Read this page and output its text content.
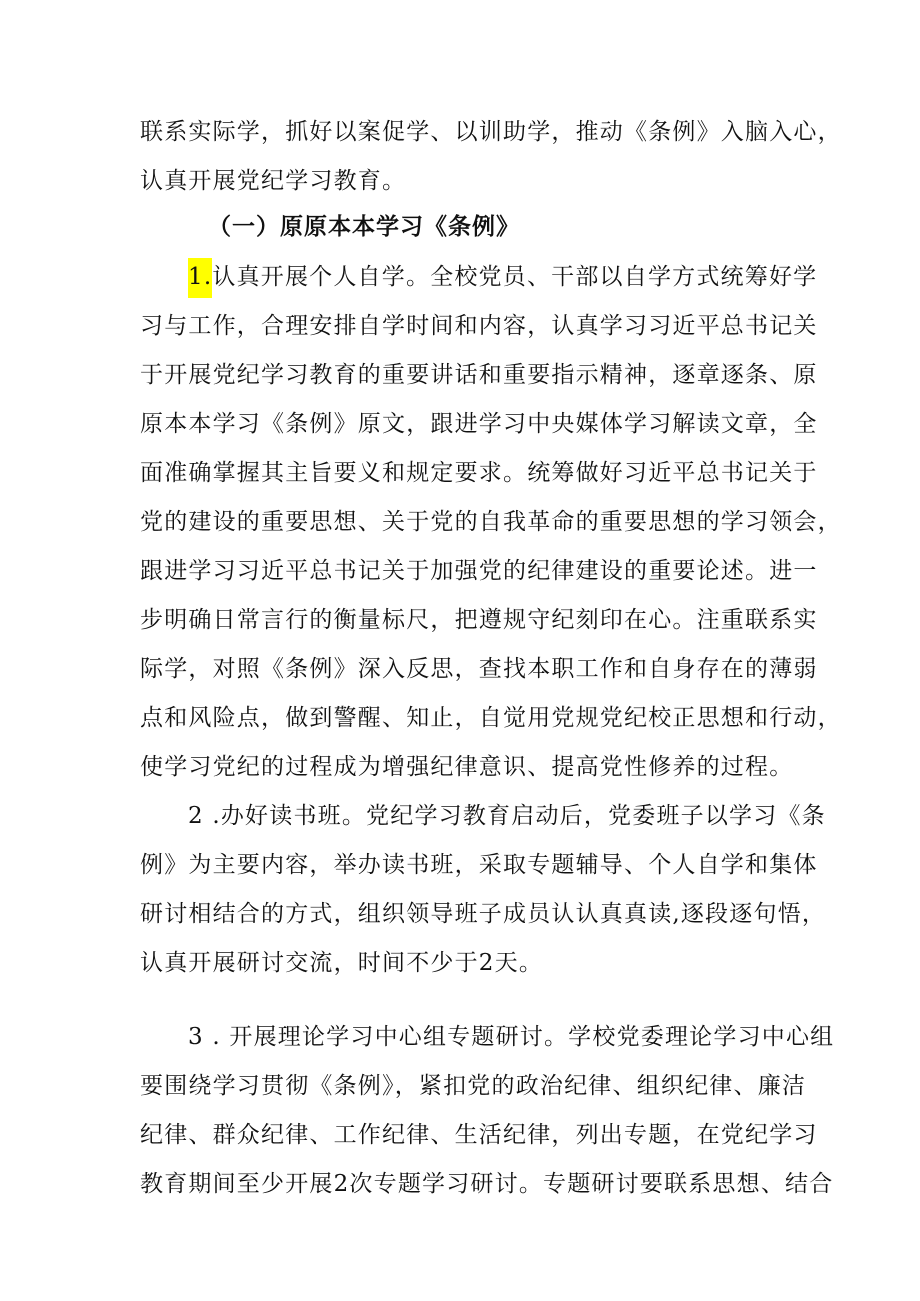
联系实际学，抓好以案促学、以训助学，推动《条例》入脑入心，
认真开展党纪学习教育。
（一）原原本本学习《条例》
1.认真开展个人自学。全校党员、干部以自学方式统筹好学
习与工作，合理安排自学时间和内容，认真学习习近平总书记关
于开展党纪学习教育的重要讲话和重要指示精神，逐章逐条、原
原本本学习《条例》原文，跟进学习中央媒体学习解读文章，全
面准确掌握其主旨要义和规定要求。统筹做好习近平总书记关于
党的建设的重要思想、关于党的自我革命的重要思想的学习领会，
跟进学习习近平总书记关于加强党的纪律建设的重要论述。进一
步明确日常言行的衡量标尺，把遵规守纪刻印在心。注重联系实
际学，对照《条例》深入反思，查找本职工作和自身存在的薄弱
点和风险点，做到警醒、知止，自觉用党规党纪校正思想和行动，
使学习党纪的过程成为增强纪律意识、提高党性修养的过程。
2 .办好读书班。党纪学习教育启动后，党委班子以学习《条
例》为主要内容，举办读书班，采取专题辅导、个人自学和集体
研讨相结合的方式，组织领导班子成员认认真真读,逐段逐句悟，
认真开展研讨交流，时间不少于2天。
3 . 开展理论学习中心组专题研讨。学校党委理论学习中心组
要围绕学习贯彻《条例》，紧扣党的政治纪律、组织纪律、廉洁
纪律、群众纪律、工作纪律、生活纪律，列出专题，在党纪学习
教育期间至少开展2次专题学习研讨。专题研讨要联系思想、结合
